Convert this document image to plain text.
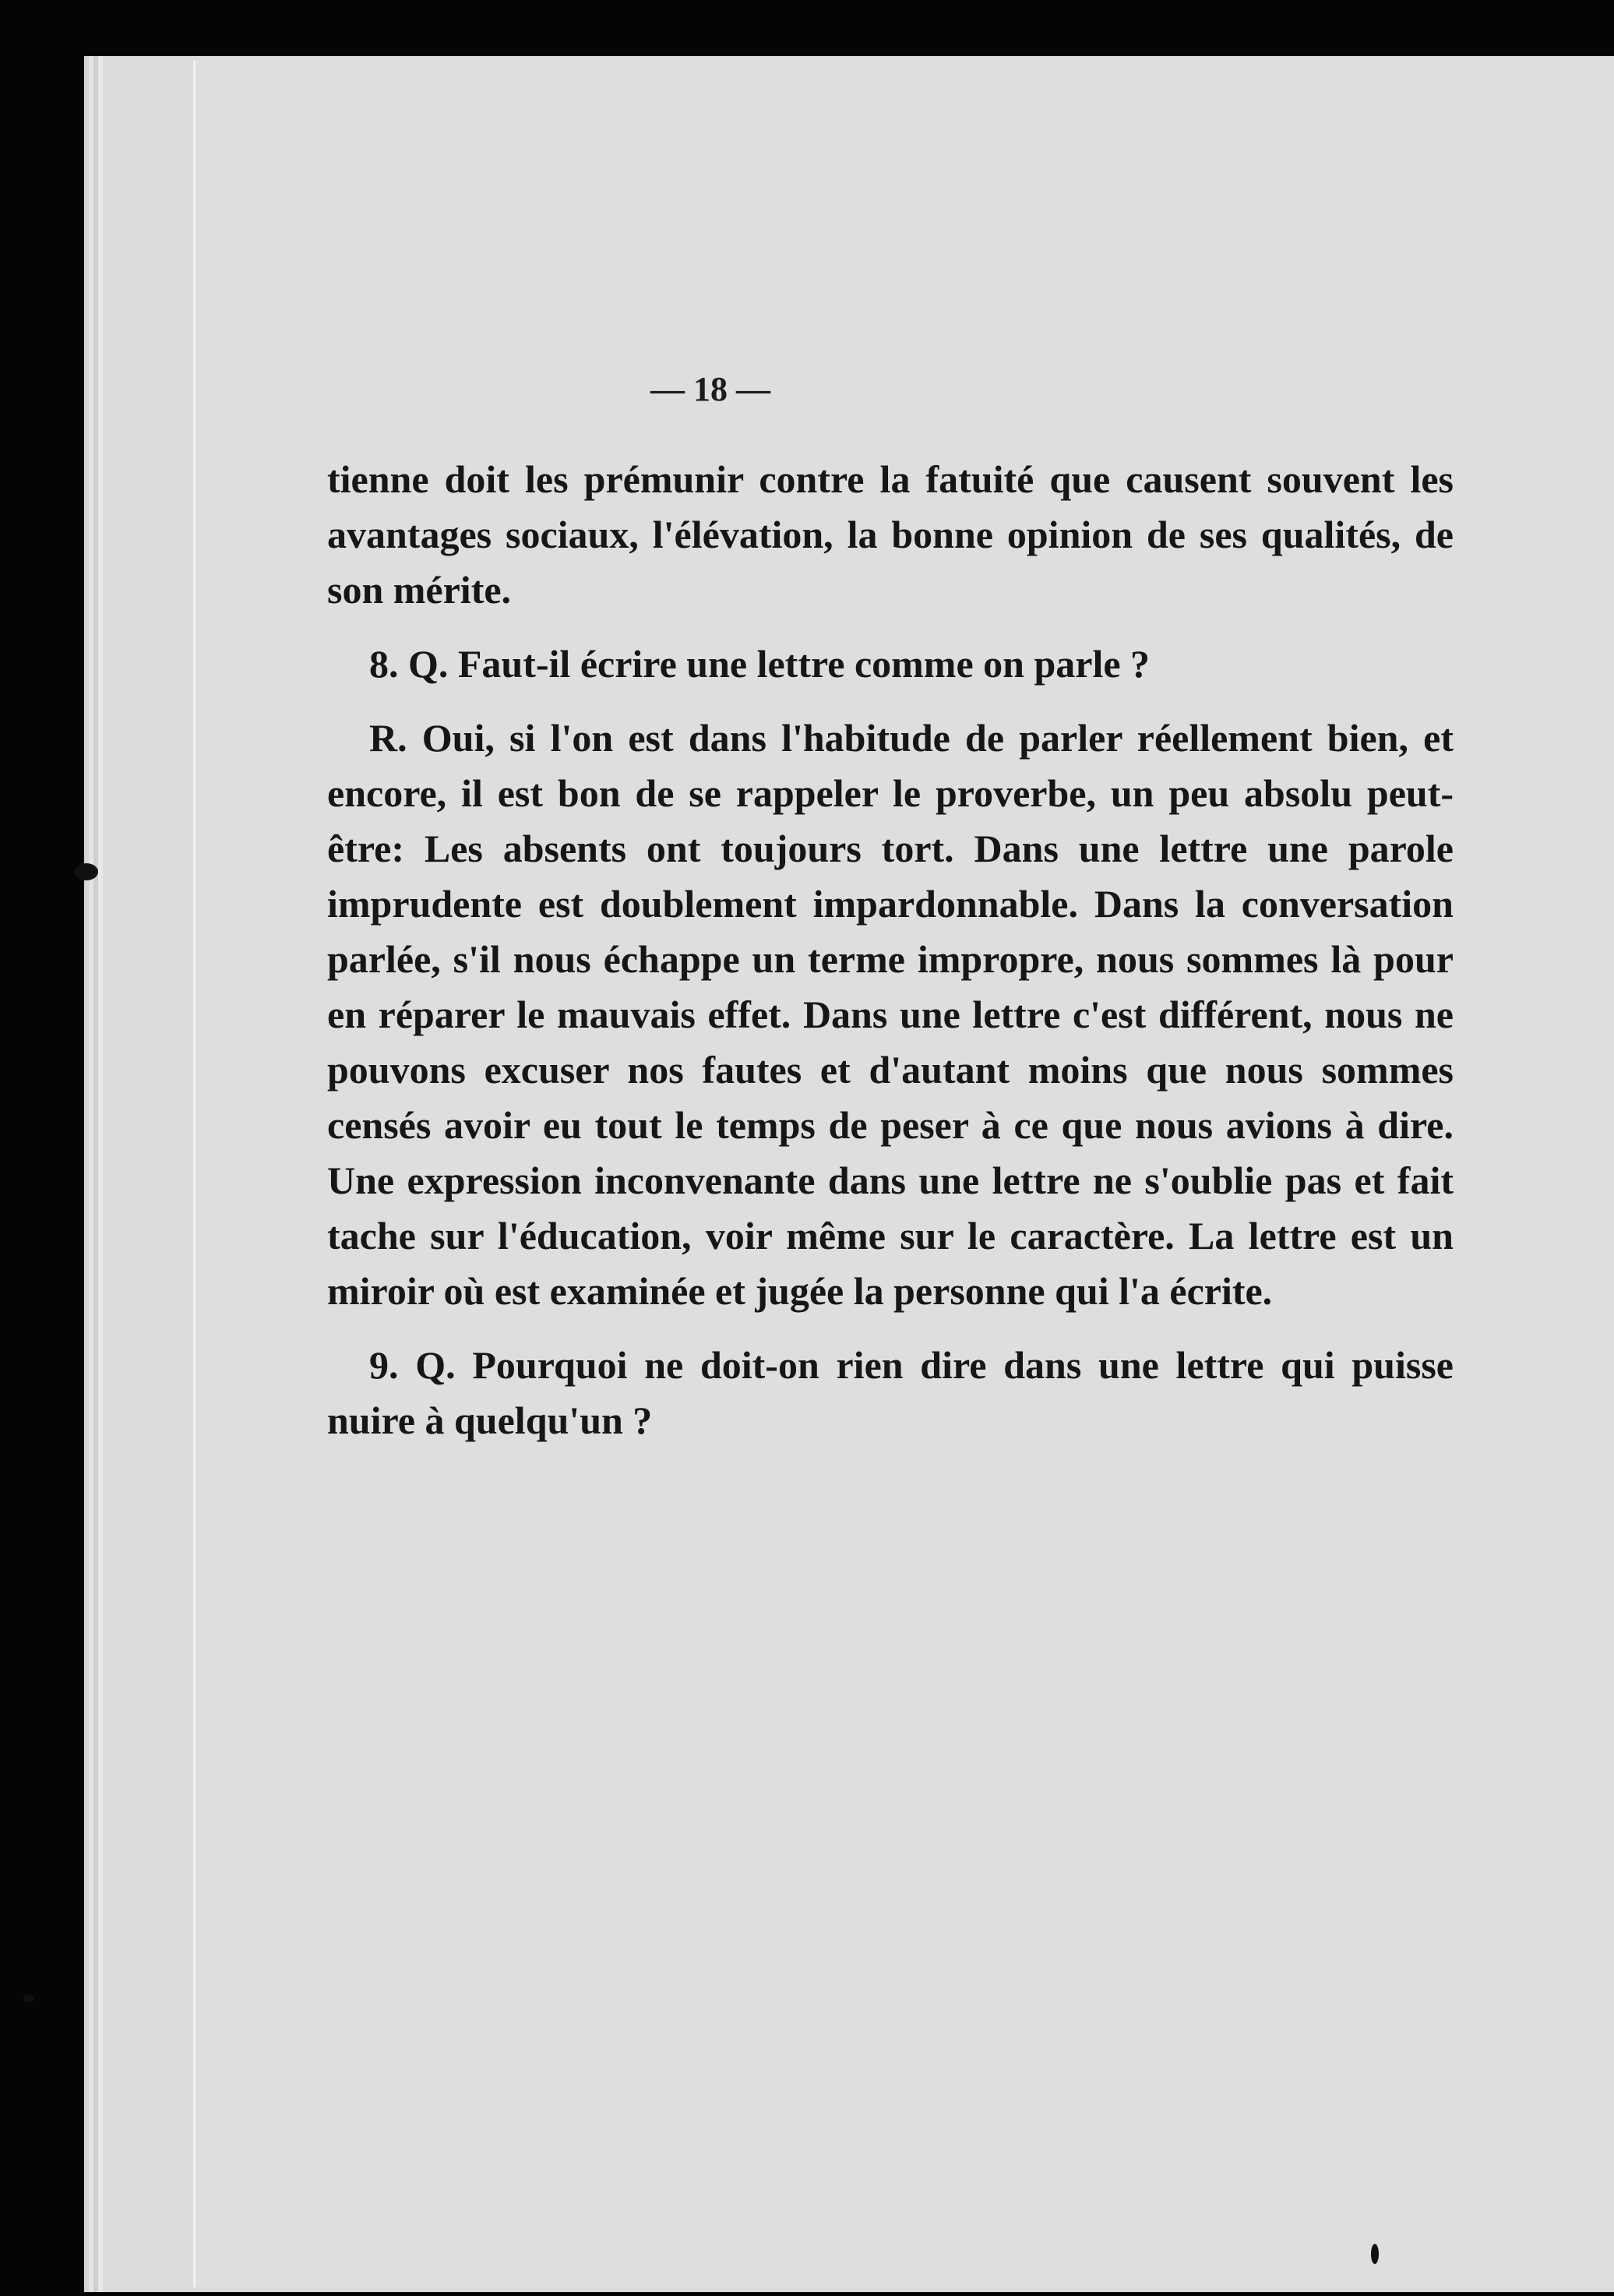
— 18 —

tienne doit les prémunir contre la fatuité que causent souvent les avantages sociaux, l'élévation, la bonne opinion de ses qualités, de son mérite.

8. Q. Faut-il écrire une lettre comme on parle ?

R. Oui, si l'on est dans l'habitude de parler réellement bien, et encore, il est bon de se rappeler le proverbe, un peu absolu peut-être: Les absents ont toujours tort. Dans une lettre une parole imprudente est doublement impardonnable. Dans la conversation parlée, s'il nous échappe un terme impropre, nous sommes là pour en réparer le mauvais effet. Dans une lettre c'est différent, nous ne pouvons excuser nos fautes et d'autant moins que nous sommes censés avoir eu tout le temps de peser à ce que nous avions à dire. Une expression inconvenante dans une lettre ne s'oublie pas et fait tache sur l'éducation, voir même sur le caractère. La lettre est un miroir où est examinée et jugée la personne qui l'a écrite.

9. Q. Pourquoi ne doit-on rien dire dans une lettre qui puisse nuire à quelqu'un ?
